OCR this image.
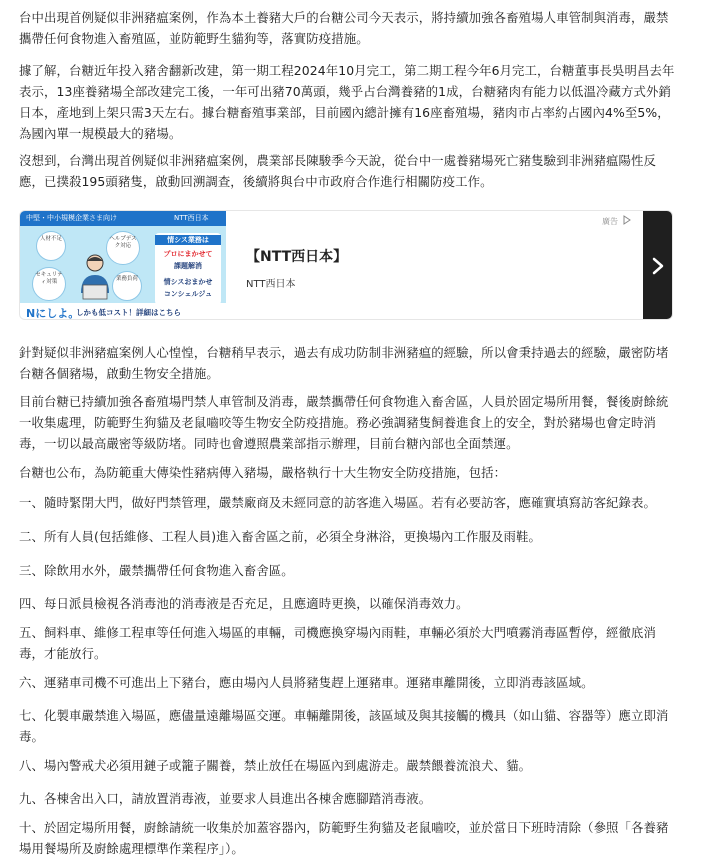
台中出現首例疑似非洲豬瘟案例，作為本土養豬大戶的台糖公司今天表示，將持續加強各畜殖場人車管制與消毒，嚴禁攜帶任何食物進入畜殖區，並防範野生貓狗等，落實防疫措施。

據了解，台糖近年投入豬舍翻新改建，第一期工程2024年10月完工，第二期工程今年6月完工，台糖董事長吳明昌去年表示，13座養豬場全部改建完工後，一年可出豬70萬頭，幾乎占台灣養豬的1成，台糖豬肉有能力以低溫冷藏方式外銷日本，產地到上架只需3天左右。據台糖畜殖事業部，目前國內總計擁有16座畜殖場，豬肉市占率約占國內4%至5%，為國內單一規模最大的豬場。

沒想到，台灣出現首例疑似非洲豬瘟案例，農業部長陳駿季今天說，從台中一處養豬場死亡豬隻驗到非洲豬瘟陽性反應，已撲殺195頭豬隻，啟動回溯調查，後續將與台中市政府合作進行相關防疫工作。

中堅・中小規模企業さま向け	NTT西日本
人材不足	ヘルプデスク対応
セキュリティ対策	業務負荷
情シス業務は
プロにまかせて
課題解消
情シスおまかせ
コンシェルジュ
Nにしよ。
しかも低コスト！詳細はこちら
【NTT西日本】
NTT西日本
廣告

針對疑似非洲豬瘟案例人心惶惶，台糖稍早表示，過去有成功防制非洲豬瘟的經驗，所以會秉持過去的經驗，嚴密防堵台糖各個豬場，啟動生物安全措施。

目前台糖已持續加強各畜殖場門禁人車管制及消毒，嚴禁攜帶任何食物進入畜舍區，人員於固定場所用餐，餐後廚餘統一收集處理，防範野生狗貓及老鼠嚙咬等生物安全防疫措施。務必強調豬隻飼養進食上的安全，對於豬場也會定時消毒，一切以最高嚴密等級防堵。同時也會遵照農業部指示辦理，目前台糖內部也全面禁運。

台糖也公布，為防範重大傳染性豬病傳入豬場，嚴格執行十大生物安全防疫措施，包括：

一、隨時緊閉大門，做好門禁管理，嚴禁廠商及未經同意的訪客進入場區。若有必要訪客，應確實填寫訪客紀錄表。

二、所有人員(包括維修、工程人員)進入畜舍區之前，必須全身淋浴，更換場內工作服及雨鞋。

三、除飲用水外，嚴禁攜帶任何食物進入畜舍區。

四、每日派員檢視各消毒池的消毒液是否充足，且應適時更換，以確保消毒效力。

五、飼料車、維修工程車等任何進入場區的車輛，司機應換穿場內雨鞋，車輛必須於大門噴霧消毒區暫停，經徹底消毒，才能放行。

六、運豬車司機不可進出上下豬台，應由場內人員將豬隻趕上運豬車。運豬車離開後，立即消毒該區域。

七、化製車嚴禁進入場區，應儘量遠離場區交運。車輛離開後，該區域及與其接觸的機具（如山貓、容器等）應立即消毒。

八、場內警戒犬必須用鏈子或籠子關養，禁止放任在場區內到處游走。嚴禁餵養流浪犬、貓。

九、各棟舍出入口，請放置消毒液，並要求人員進出各棟舍應腳踏消毒液。

十、於固定場所用餐，廚餘請統一收集於加蓋容器內，防範野生狗貓及老鼠嚙咬，並於當日下班時清除（參照「各養豬場用餐場所及廚餘處理標準作業程序」）。
